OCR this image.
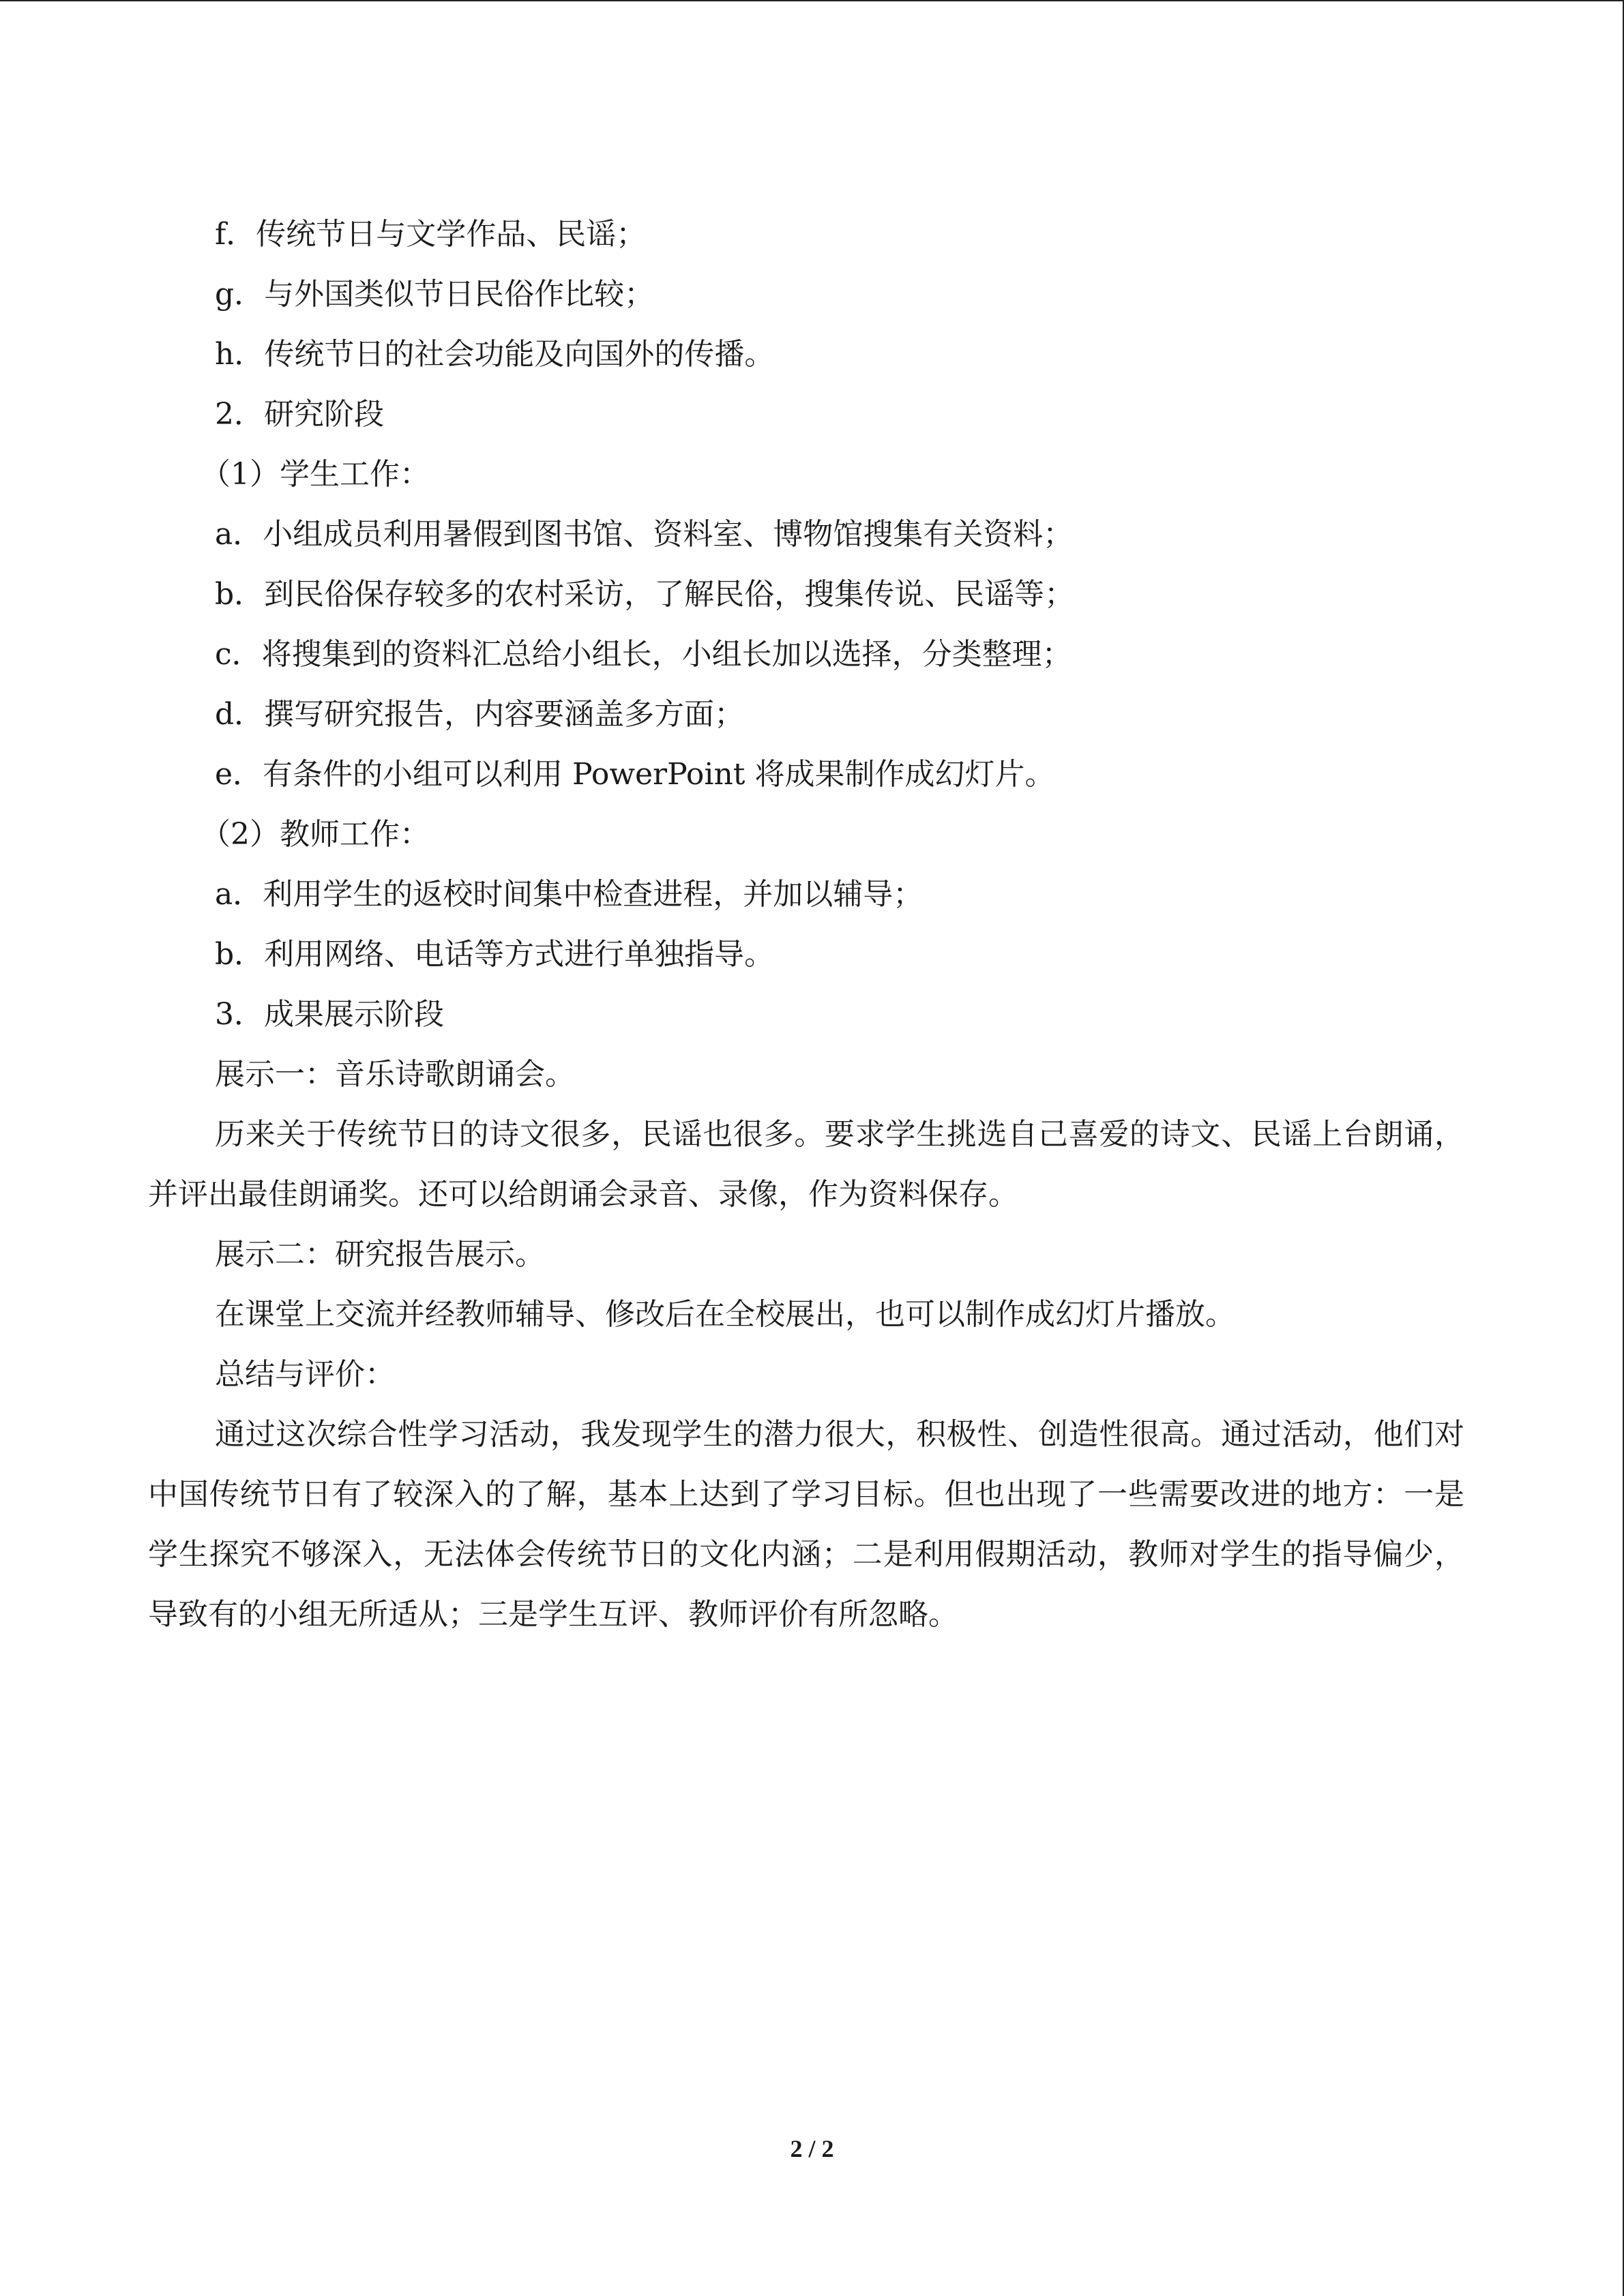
f．传统节日与文学作品、民谣；

g．与外国类似节日民俗作比较；

h．传统节日的社会功能及向国外的传播。

2．研究阶段

（1）学生工作：

a．小组成员利用暑假到图书馆、资料室、博物馆搜集有关资料；

b．到民俗保存较多的农村采访，了解民俗，搜集传说、民谣等；

c．将搜集到的资料汇总给小组长，小组长加以选择，分类整理；

d．撰写研究报告，内容要涵盖多方面；

e．有条件的小组可以利用 PowerPoint 将成果制作成幻灯片。

（2）教师工作：

a．利用学生的返校时间集中检查进程，并加以辅导；

b．利用网络、电话等方式进行单独指导。

3．成果展示阶段

展示一：音乐诗歌朗诵会。

历来关于传统节日的诗文很多，民谣也很多。要求学生挑选自己喜爱的诗文、民谣上台朗诵，并评出最佳朗诵奖。还可以给朗诵会录音、录像，作为资料保存。

展示二：研究报告展示。

在课堂上交流并经教师辅导、修改后在全校展出，也可以制作成幻灯片播放。

总结与评价：

通过这次综合性学习活动，我发现学生的潜力很大，积极性、创造性很高。通过活动，他们对中国传统节日有了较深入的了解，基本上达到了学习目标。但也出现了一些需要改进的地方：一是学生探究不够深入，无法体会传统节日的文化内涵；二是利用假期活动，教师对学生的指导偏少，导致有的小组无所适从；三是学生互评、教师评价有所忽略。

2 / 2
